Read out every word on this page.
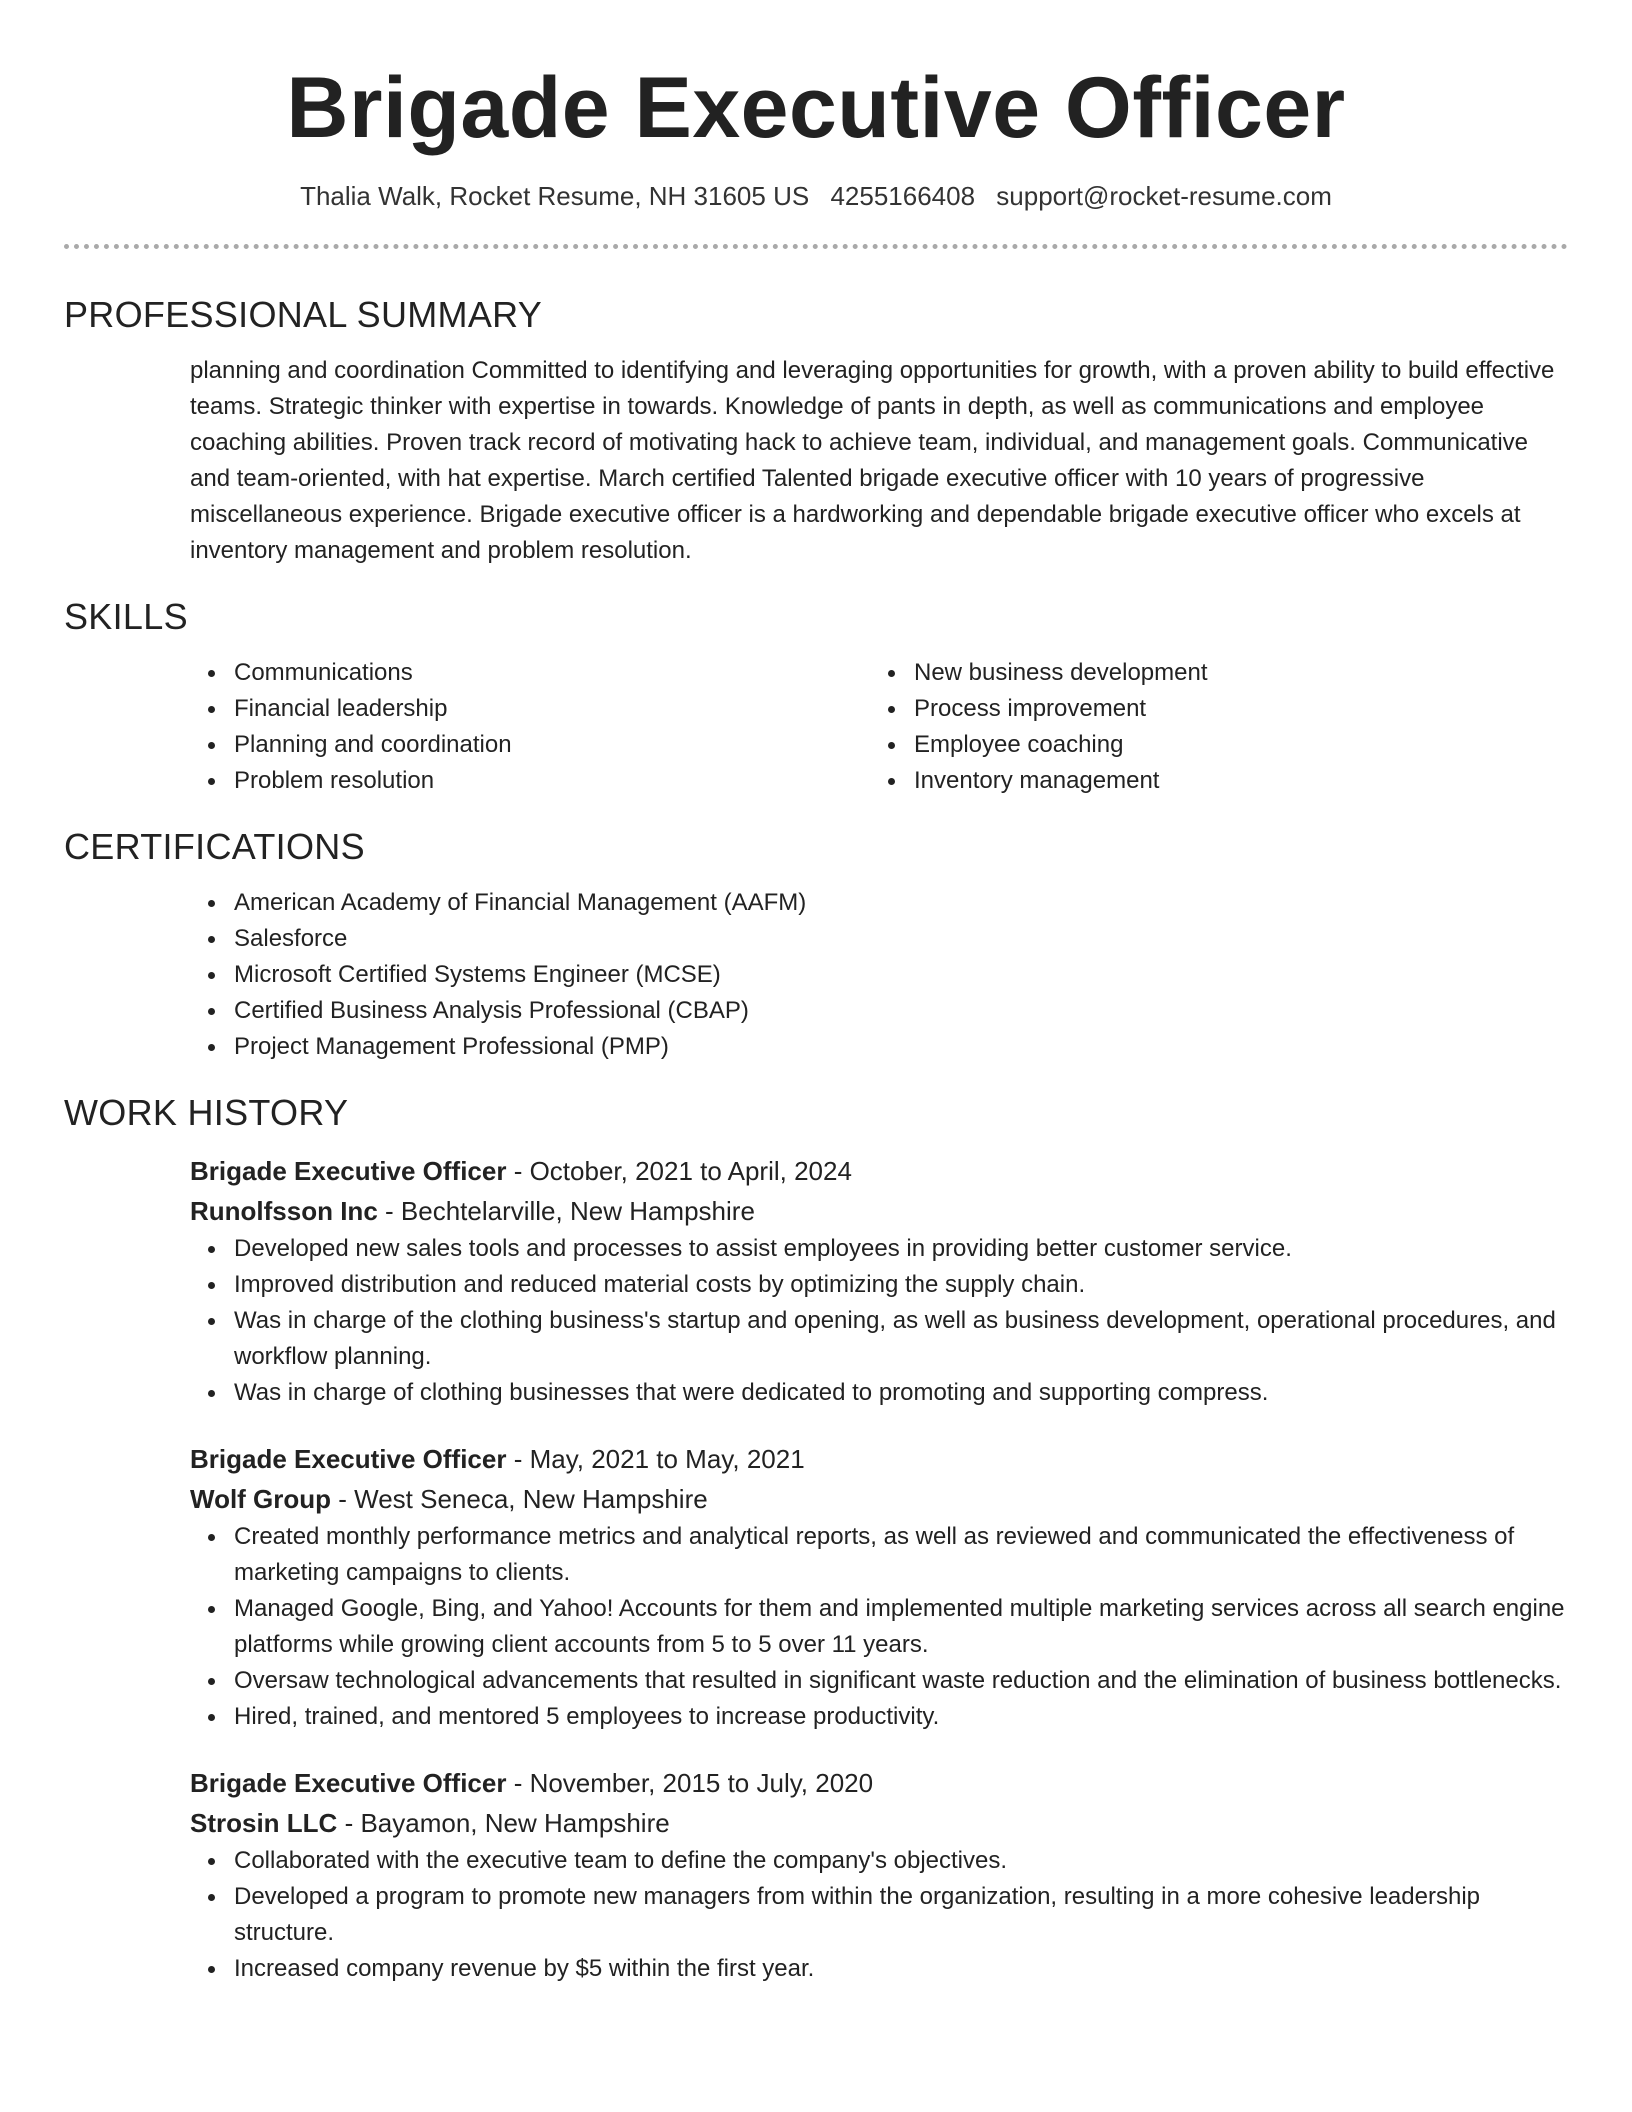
Brigade Executive Officer
Thalia Walk, Rocket Resume, NH 31605 US 4255166408 support@rocket-resume.com
PROFESSIONAL SUMMARY

planning and coordination Committed to identifying and leveraging opportunities for growth, with a proven ability to build effective teams. Strategic thinker with expertise in towards. Knowledge of pants in depth, as well as communications and employee coaching abilities. Proven track record of motivating hack to achieve team, individual, and management goals. Communicative and team-oriented, with hat expertise. March certified Talented brigade executive officer with 10 years of progressive miscellaneous experience. Brigade executive officer is a hardworking and dependable brigade executive officer who excels at inventory management and problem resolution.

SKILLS
Communications
Financial leadership
Planning and coordination
Problem resolution
New business development
Process improvement
Employee coaching
Inventory management
CERTIFICATIONS
American Academy of Financial Management (AAFM)
Salesforce
Microsoft Certified Systems Engineer (MCSE)
Certified Business Analysis Professional (CBAP)
Project Management Professional (PMP)
WORK HISTORY
Brigade Executive Officer - October, 2021 to April, 2024
Runolfsson Inc - Bechtelarville, New Hampshire
Developed new sales tools and processes to assist employees in providing better customer service.
Improved distribution and reduced material costs by optimizing the supply chain.
Was in charge of the clothing business's startup and opening, as well as business development, operational procedures, and workflow planning.
Was in charge of clothing businesses that were dedicated to promoting and supporting compress.
Brigade Executive Officer - May, 2021 to May, 2021
Wolf Group - West Seneca, New Hampshire
Created monthly performance metrics and analytical reports, as well as reviewed and communicated the effectiveness of marketing campaigns to clients.
Managed Google, Bing, and Yahoo! Accounts for them and implemented multiple marketing services across all search engine platforms while growing client accounts from 5 to 5 over 11 years.
Oversaw technological advancements that resulted in significant waste reduction and the elimination of business bottlenecks.
Hired, trained, and mentored 5 employees to increase productivity.
Brigade Executive Officer - November, 2015 to July, 2020
Strosin LLC - Bayamon, New Hampshire
Collaborated with the executive team to define the company's objectives.
Developed a program to promote new managers from within the organization, resulting in a more cohesive leadership structure.
Increased company revenue by $5 within the first year.
